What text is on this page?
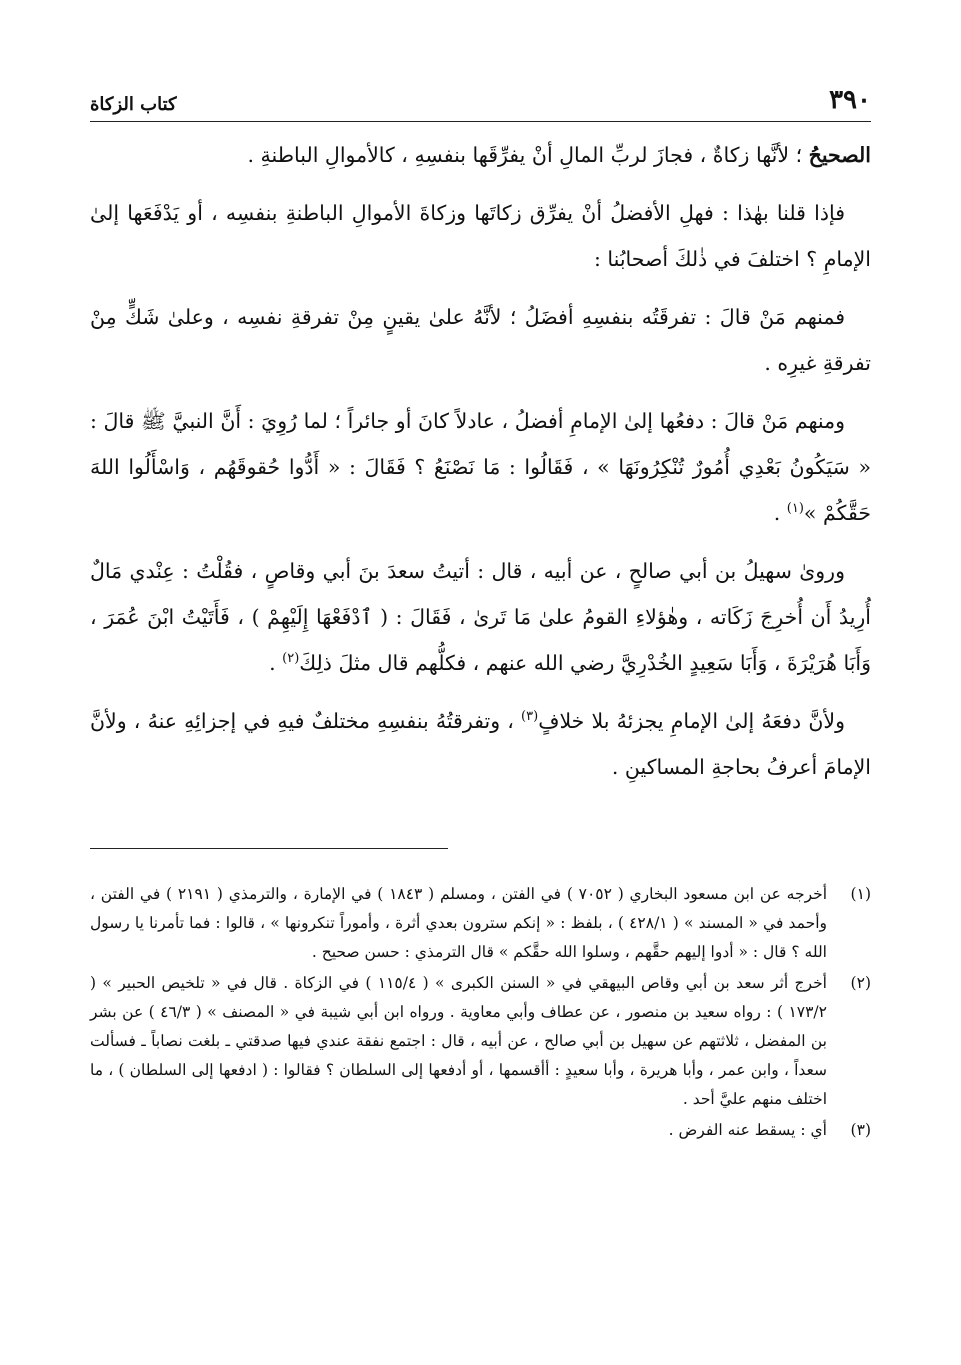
٣٩٠
كتاب الزكاة

الصحيحُ ؛ لأنَّها زكاةٌ ، فجازَ لربِّ المالِ أنْ يفرِّقَها بنفسِهِ ، كالأموالِ الباطنةِ .

فإذا قلنا بهٰذا : فهلِ الأفضلُ أنْ يفرِّق زكاتَها وزكاةَ الأموالِ الباطنةِ بنفسِه ، أو يَدْفَعَها إلىٰ الإمامِ ؟ اختلفَ في ذٰلكَ أصحابُنا :

فمنهم مَنْ قالَ : تفرقَتُه بنفسِهِ أفضَلُ ؛ لأنَّهُ علىٰ يقينٍ مِنْ تفرقةِ نفسِه ، وعلىٰ شَكٍّ مِنْ تفرقةِ غيرِه .

ومنهم مَنْ قالَ : دفعُها إلىٰ الإمامِ أفضلُ ، عادلاً كانَ أو جائراً ؛ لما رُوِيَ : أَنَّ النبيَّ ﷺ قالَ : « سَيَكُونُ بَعْدِي أُمُورٌ تُنْكِرُونَهَا » ، فَقَالُوا : مَا نَصْنَعُ ؟ فَقَالَ : « أَدُّوا حُقوقَهُم ، وَاسْأَلُوا اللهَ حَقَّكُمْ »$^{(١)}$ .

وروىٰ سهيلُ بن أبي صالحٍ ، عن أبيه ، قال : أتيتُ سعدَ بنَ أبي وقاصٍ ، فقُلْتُ : عِنْدي مَالٌ أُرِيدُ أَن أُخرِجَ زَكَاته ، وهٰؤلاءِ القومُ علىٰ مَا تَرىٰ ، فَقَالَ : ( ٱدْفَعْهَا إِلَيْهِمْ ) ، فَأَتَيْتُ ابْنَ عُمَرَ ، وَأَبَا هُرَيْرَةَ ، وَأَبَا سَعِيدٍ الخُدْرِيَّ رضي الله عنهم ، فكلُّهم قال مثلَ ذلِكَ$^{(٢)}$ .

ولأنَّ دفعَهُ إلىٰ الإمامِ يجزئهُ بلا خلافٍ$^{(٣)}$ ، وتفرقتُهُ بنفسِهِ مختلفٌ فيهِ في إجزائِهِ عنهُ ، ولأنَّ الإمامَ أعرفُ بحاجةِ المساكينِ .

(١)
أخرجه عن ابن مسعود البخاري ( ٧٠٥٢ ) في الفتن ، ومسلم ( ١٨٤٣ ) في الإمارة ، والترمذي ( ٢١٩١ ) في الفتن ، وأحمد في « المسند » ( ٤٢٨/١ ) ، بلفظ : « إنكم سترون بعدي أثرة ، وأموراً تنكرونها » ، قالوا : فما تأمرنا يا رسول الله ؟ قال : « أدوا إليهم حقَّهم ، وسلوا الله حقَّكم » قال الترمذي : حسن صحيح .
(٢)
أخرج أثر سعد بن أبي وقاص البيهقي في « السنن الكبرى » ( ١١٥/٤ ) في الزكاة . قال في « تلخيص الحبير » ( ١٧٣/٢ ) : رواه سعيد بن منصور ، عن عطاف وأبي معاوية . ورواه ابن أبي شيبة في « المصنف » ( ٤٦/٣ ) عن بشر بن المفضل ، ثلاثتهم عن سهيل بن أبي صالح ، عن أبيه ، قال : اجتمع نفقة عندي فيها صدقتي ـ بلغت نصاباً ـ فسألت سعداً ، وابن عمر ، وأبا هريرة ، وأبا سعيدٍ : أأقسمها ، أو أدفعها إلى السلطان ؟ فقالوا : ( ادفعها إلى السلطان ) ، ما اختلف منهم عليَّ أحد .
(٣)
أي : يسقط عنه الفرض .
